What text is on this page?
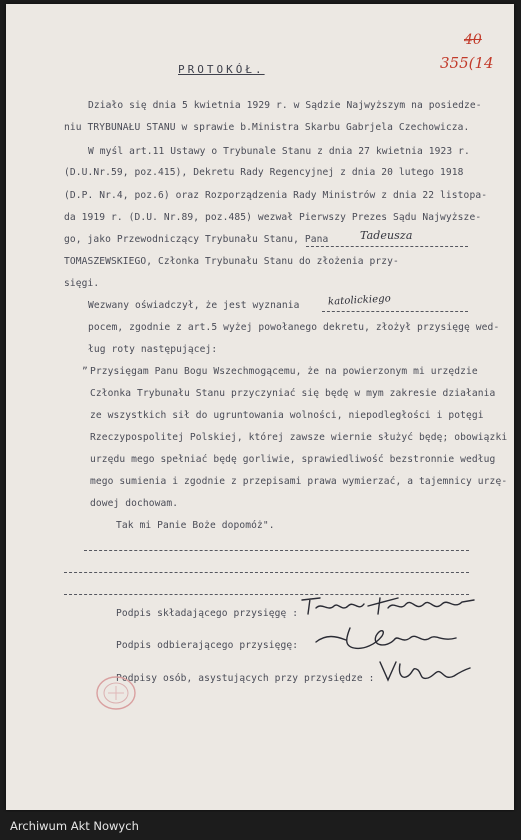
40
355(14
PROTOKÓŁ.
Działo się dnia 5 kwietnia 1929 r. w Sądzie Najwyższym na posiedze-
niu TRYBUNAŁU STANU w sprawie b.Ministra Skarbu Gabrjela Czechowicza.
W myśl art.11 Ustawy o Trybunale Stanu z dnia 27 kwietnia 1923 r.
(D.U.Nr.59, poz.415), Dekretu Rady Regencyjnej z dnia 20 lutego 1918
(D.P. Nr.4, poz.6) oraz Rozporządzenia Rady Ministrów z dnia 22 listopa-
da 1919 r. (D.U. Nr.89, poz.485) wezwał Pierwszy Prezes Sądu Najwyższe-
go, jako Przewodniczący Trybunału Stanu, Pana	Tadeusza
TOMASZEWSKIEGO, Członka Trybunału Stanu do złożenia przy-
sięgi.
Wezwany oświadczył, że jest wyznania	katolickiego
pocem, zgodnie z art.5 wyżej powołanego dekretu, złożył przysięgę wed-
ług roty następującej:
„
Przysięgam Panu Bogu Wszechmogącemu, że na powierzonym mi urzędzie
Członka Trybunału Stanu przyczyniać się będę w mym zakresie działania
ze wszystkich sił do ugruntowania wolności, niepodległości i potęgi
Rzeczypospolitej Polskiej, której zawsze wiernie służyć będę; obowiązki
urzędu mego spełniać będę gorliwie, sprawiedliwość bezstronnie według
mego sumienia i zgodnie z przepisami prawa wymierzać, a tajemnicy urzę-
dowej dochowam.
Tak mi Panie Boże dopomóż".
Podpis składającego przysięgę :
Podpis odbierającego przysięgę:
Podpisy osób, asystujących przy przysiędze :
Archiwum Akt Nowych
